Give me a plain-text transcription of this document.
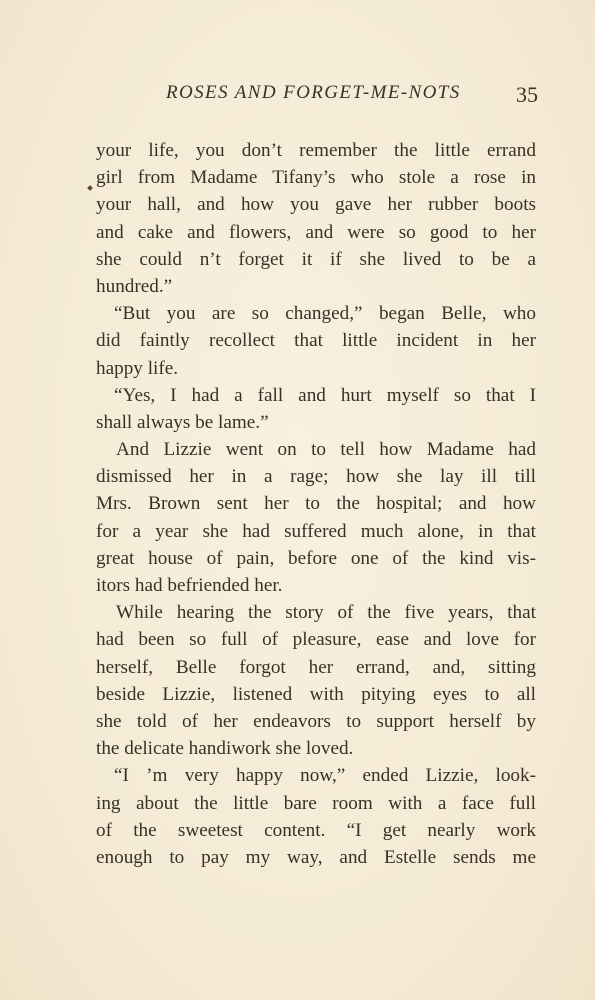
ROSES AND FORGET-ME-NOTS	35
your life, you don’t remember the little errand
girl from Madame Tifany’s who stole a rose in
your hall, and how you gave her rubber boots
and cake and flowers, and were so good to her
she could n’t forget it if she lived to be a
hundred.”
“But you are so changed,” began Belle, who
did faintly recollect that little incident in her
happy life.
“Yes, I had a fall and hurt myself so that I
shall always be lame.”
And Lizzie went on to tell how Madame had
dismissed her in a rage; how she lay ill till
Mrs. Brown sent her to the hospital; and how
for a year she had suffered much alone, in that
great house of pain, before one of the kind vis-
itors had befriended her.
While hearing the story of the five years, that
had been so full of pleasure, ease and love for
herself, Belle forgot her errand, and, sitting
beside Lizzie, listened with pitying eyes to all
she told of her endeavors to support herself by
the delicate handiwork she loved.
“I ’m very happy now,” ended Lizzie, look-
ing about the little bare room with a face full
of the sweetest content. “I get nearly work
enough to pay my way, and Estelle sends me
